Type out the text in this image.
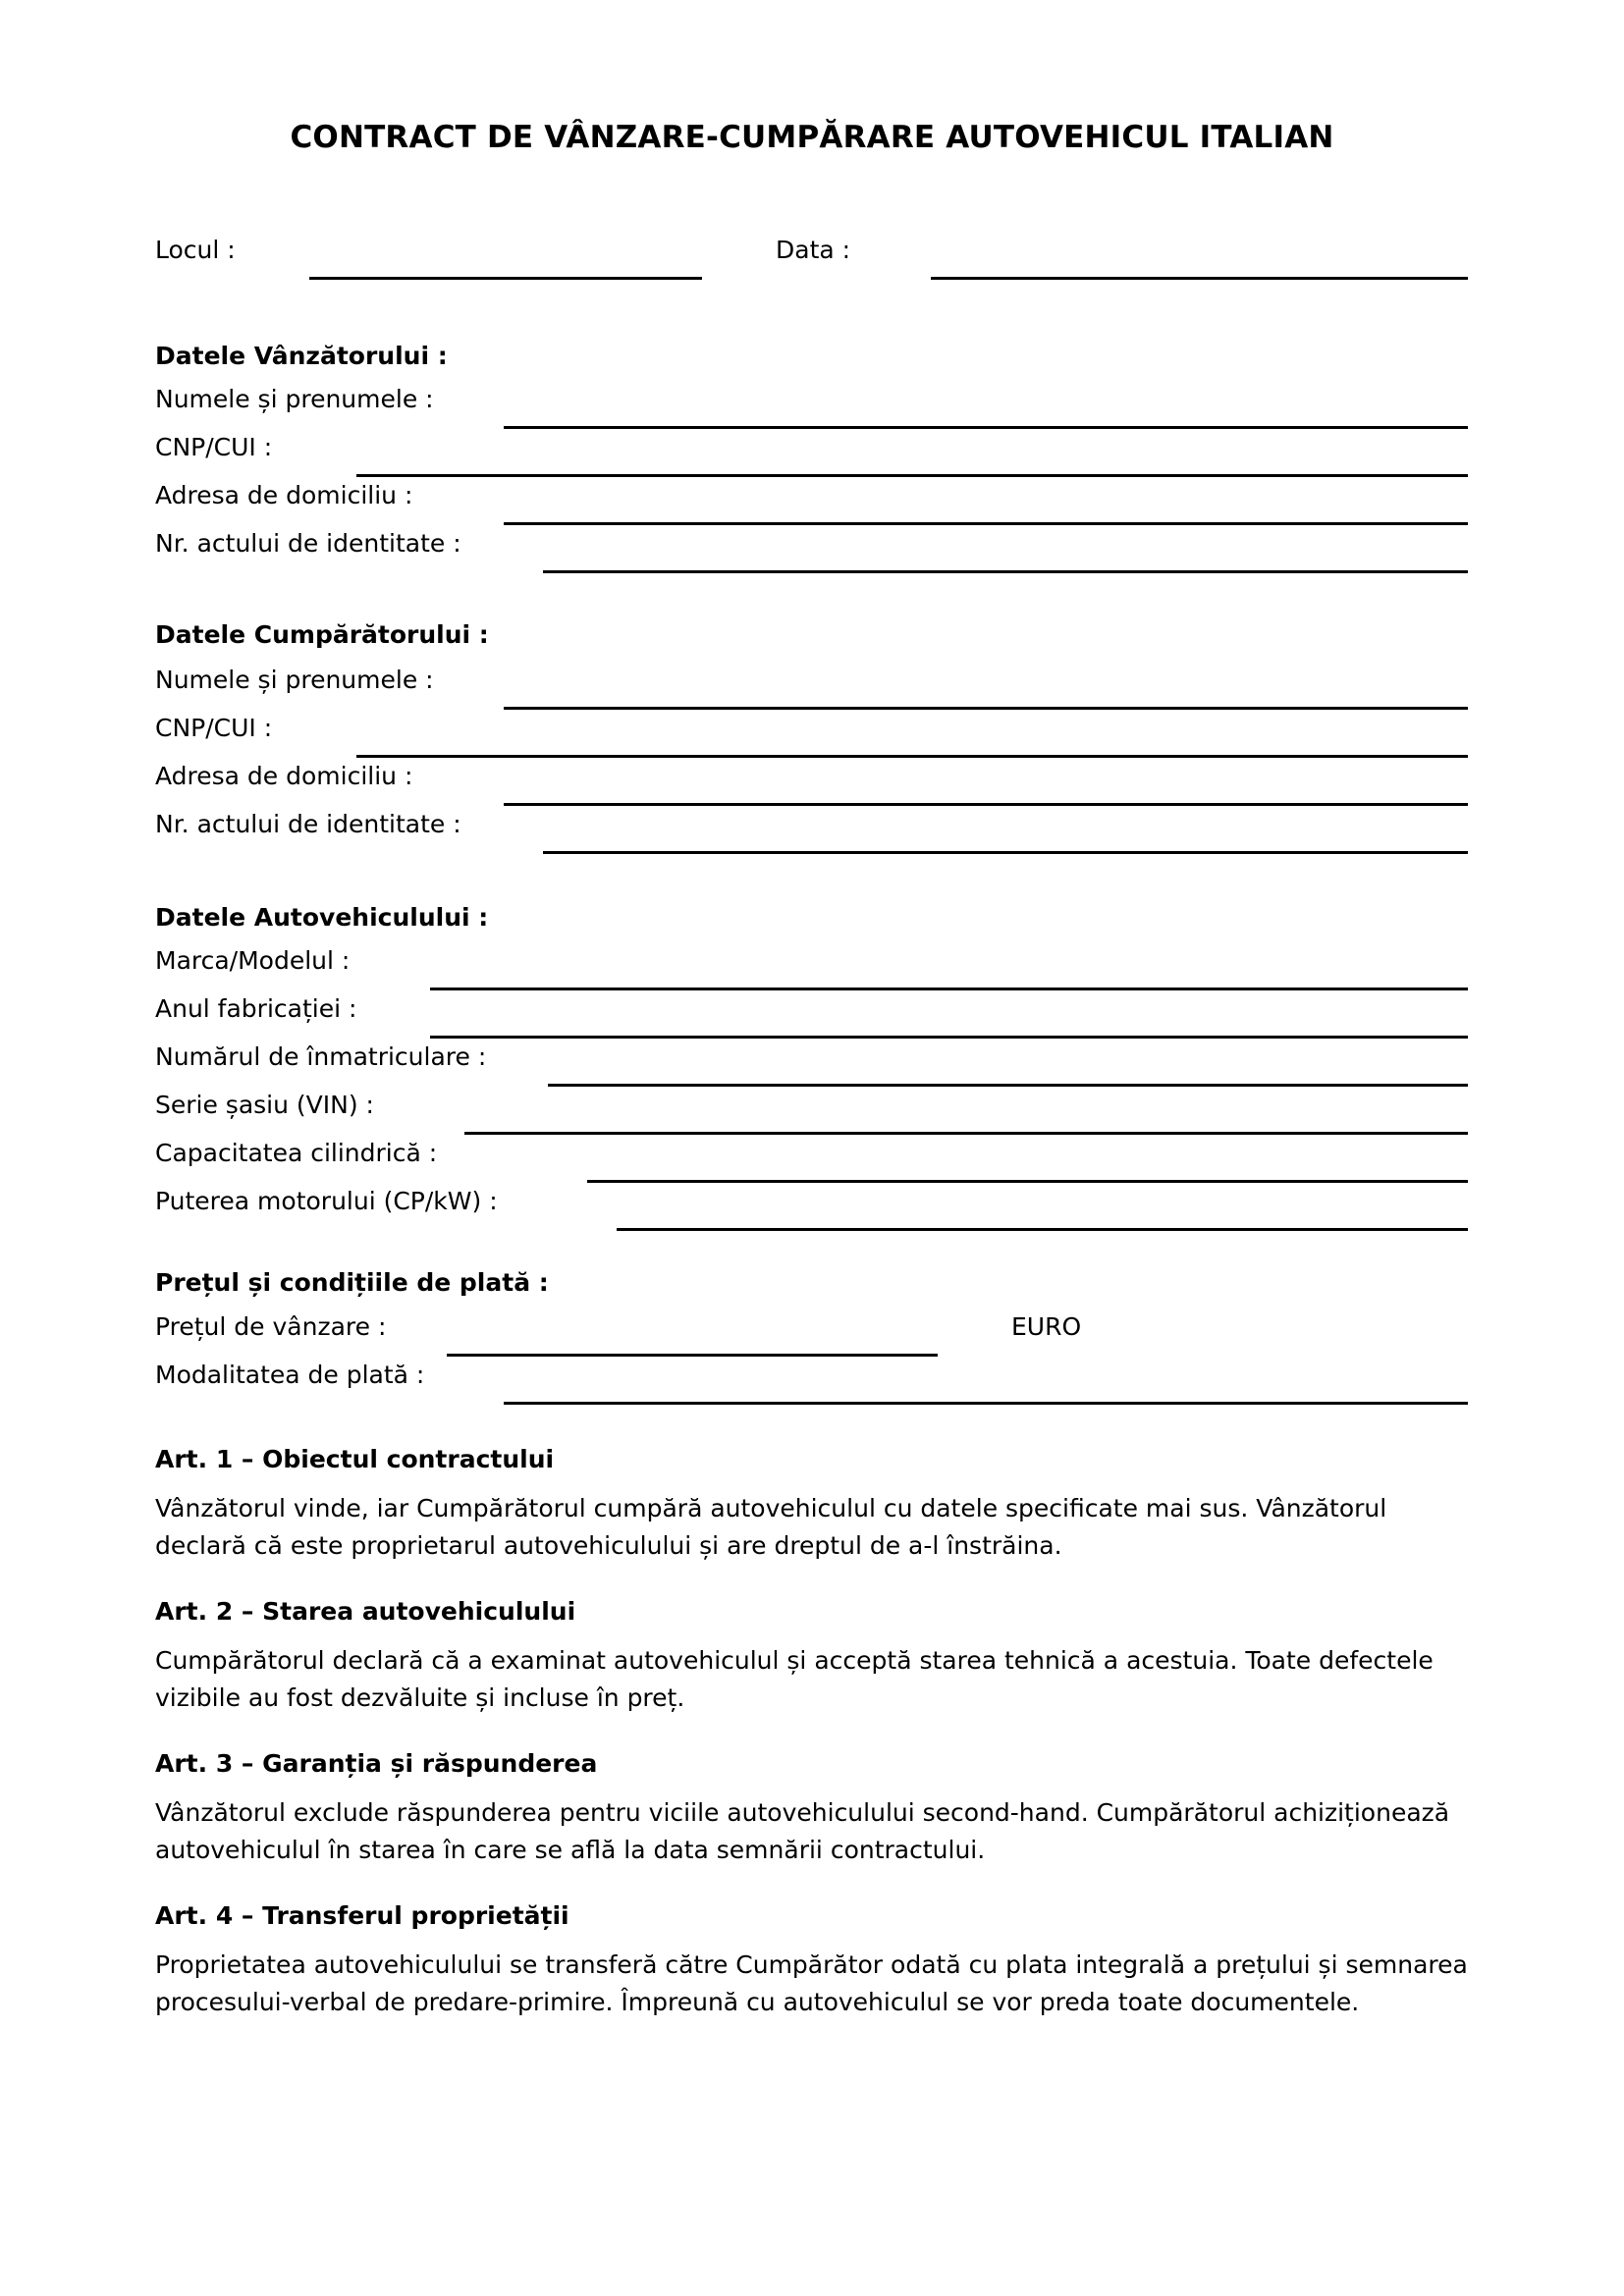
CONTRACT DE VÂNZARE-CUMPĂRARE AUTOVEHICUL ITALIAN
Locul :	Data :
Datele Vânzătorului :
Numele și prenumele :
CNP/CUI :
Adresa de domiciliu :
Nr. actului de identitate :
Datele Cumpărătorului :
Numele și prenumele :
CNP/CUI :
Adresa de domiciliu :
Nr. actului de identitate :
Datele Autovehiculului :
Marca/Modelul :
Anul fabricației :
Numărul de înmatriculare :
Serie șasiu (VIN) :
Capacitatea cilindrică :
Puterea motorului (CP/kW) :
Prețul și condițiile de plată :
Prețul de vânzare :	EURO
Modalitatea de plată :
Art. 1 – Obiectul contractului
Vânzătorul vinde, iar Cumpărătorul cumpără autovehiculul cu datele specificate mai sus. Vânzătorul declară că este proprietarul autovehiculului și are dreptul de a-l înstrăina.
Art. 2 – Starea autovehiculului
Cumpărătorul declară că a examinat autovehiculul și acceptă starea tehnică a acestuia. Toate defectele vizibile au fost dezvăluite și incluse în preț.
Art. 3 – Garanția și răspunderea
Vânzătorul exclude răspunderea pentru viciile autovehiculului second-hand. Cumpărătorul achiziționează autovehiculul în starea în care se află la data semnării contractului.
Art. 4 – Transferul proprietății
Proprietatea autovehiculului se transferă către Cumpărător odată cu plata integrală a prețului și semnarea procesului-verbal de predare-primire. Împreună cu autovehiculul se vor preda toate documentele.
